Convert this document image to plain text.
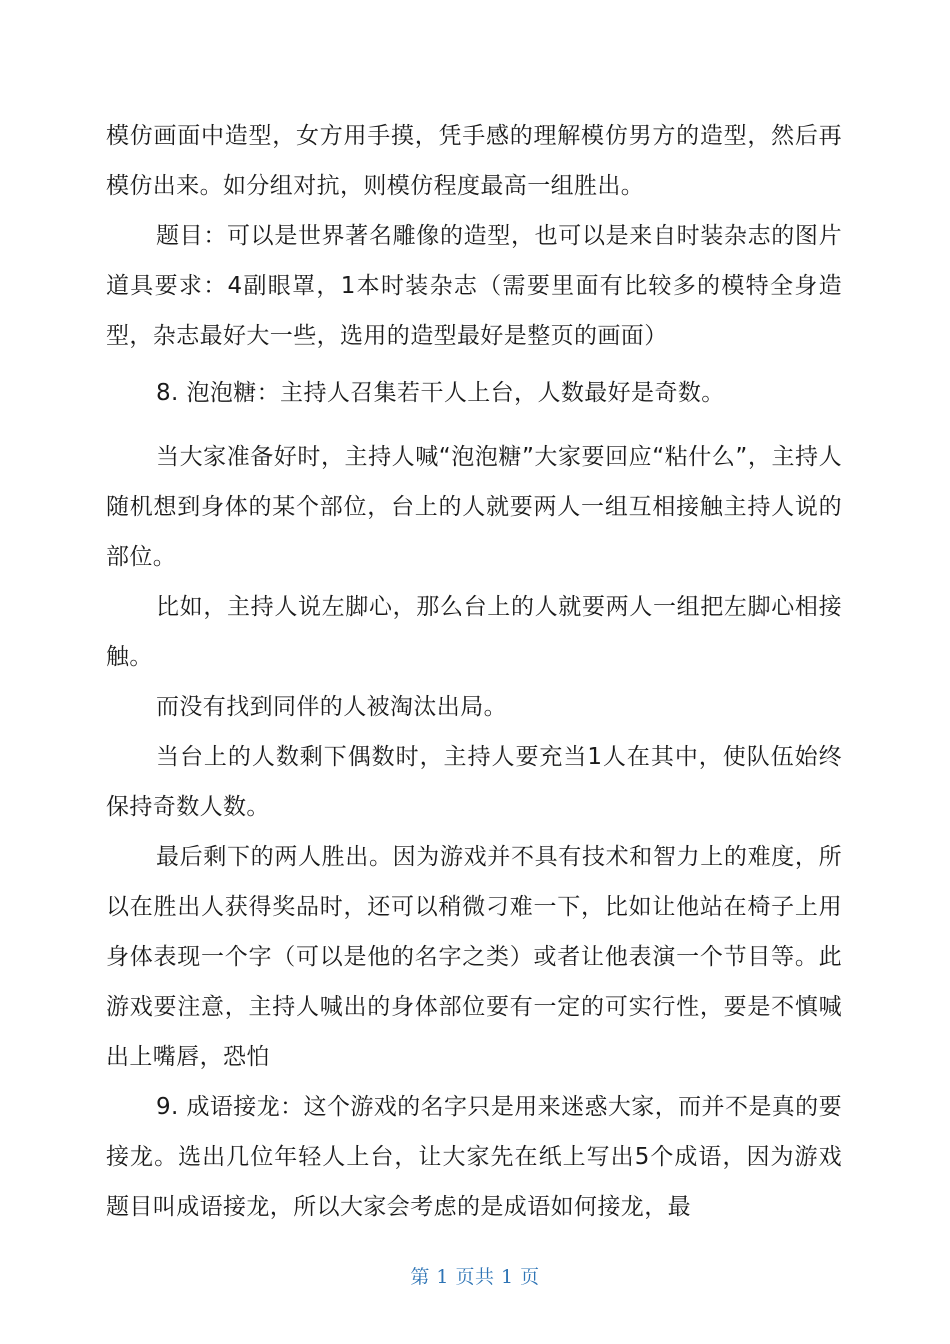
模仿画面中造型，女方用手摸，凭手感的理解模仿男方的造型，然后再模仿出来。如分组对抗，则模仿程度最高一组胜出。

题目：可以是世界著名雕像的造型，也可以是来自时装杂志的图片道具要求：4副眼罩，1本时装杂志（需要里面有比较多的模特全身造型，杂志最好大一些，选用的造型最好是整页的画面）

8. 泡泡糖：主持人召集若干人上台，人数最好是奇数。

当大家准备好时，主持人喊“泡泡糖”大家要回应“粘什么”，主持人随机想到身体的某个部位，台上的人就要两人一组互相接触主持人说的部位。

比如，主持人说左脚心，那么台上的人就要两人一组把左脚心相接触。

而没有找到同伴的人被淘汰出局。

当台上的人数剩下偶数时，主持人要充当1人在其中，使队伍始终保持奇数人数。

最后剩下的两人胜出。因为游戏并不具有技术和智力上的难度，所以在胜出人获得奖品时，还可以稍微刁难一下，比如让他站在椅子上用身体表现一个字（可以是他的名字之类）或者让他表演一个节目等。此游戏要注意，主持人喊出的身体部位要有一定的可实行性，要是不慎喊出上嘴唇，恐怕

9. 成语接龙：这个游戏的名字只是用来迷惑大家，而并不是真的要接龙。选出几位年轻人上台，让大家先在纸上写出5个成语，因为游戏题目叫成语接龙，所以大家会考虑的是成语如何接龙，最

第 1 页共 1 页
